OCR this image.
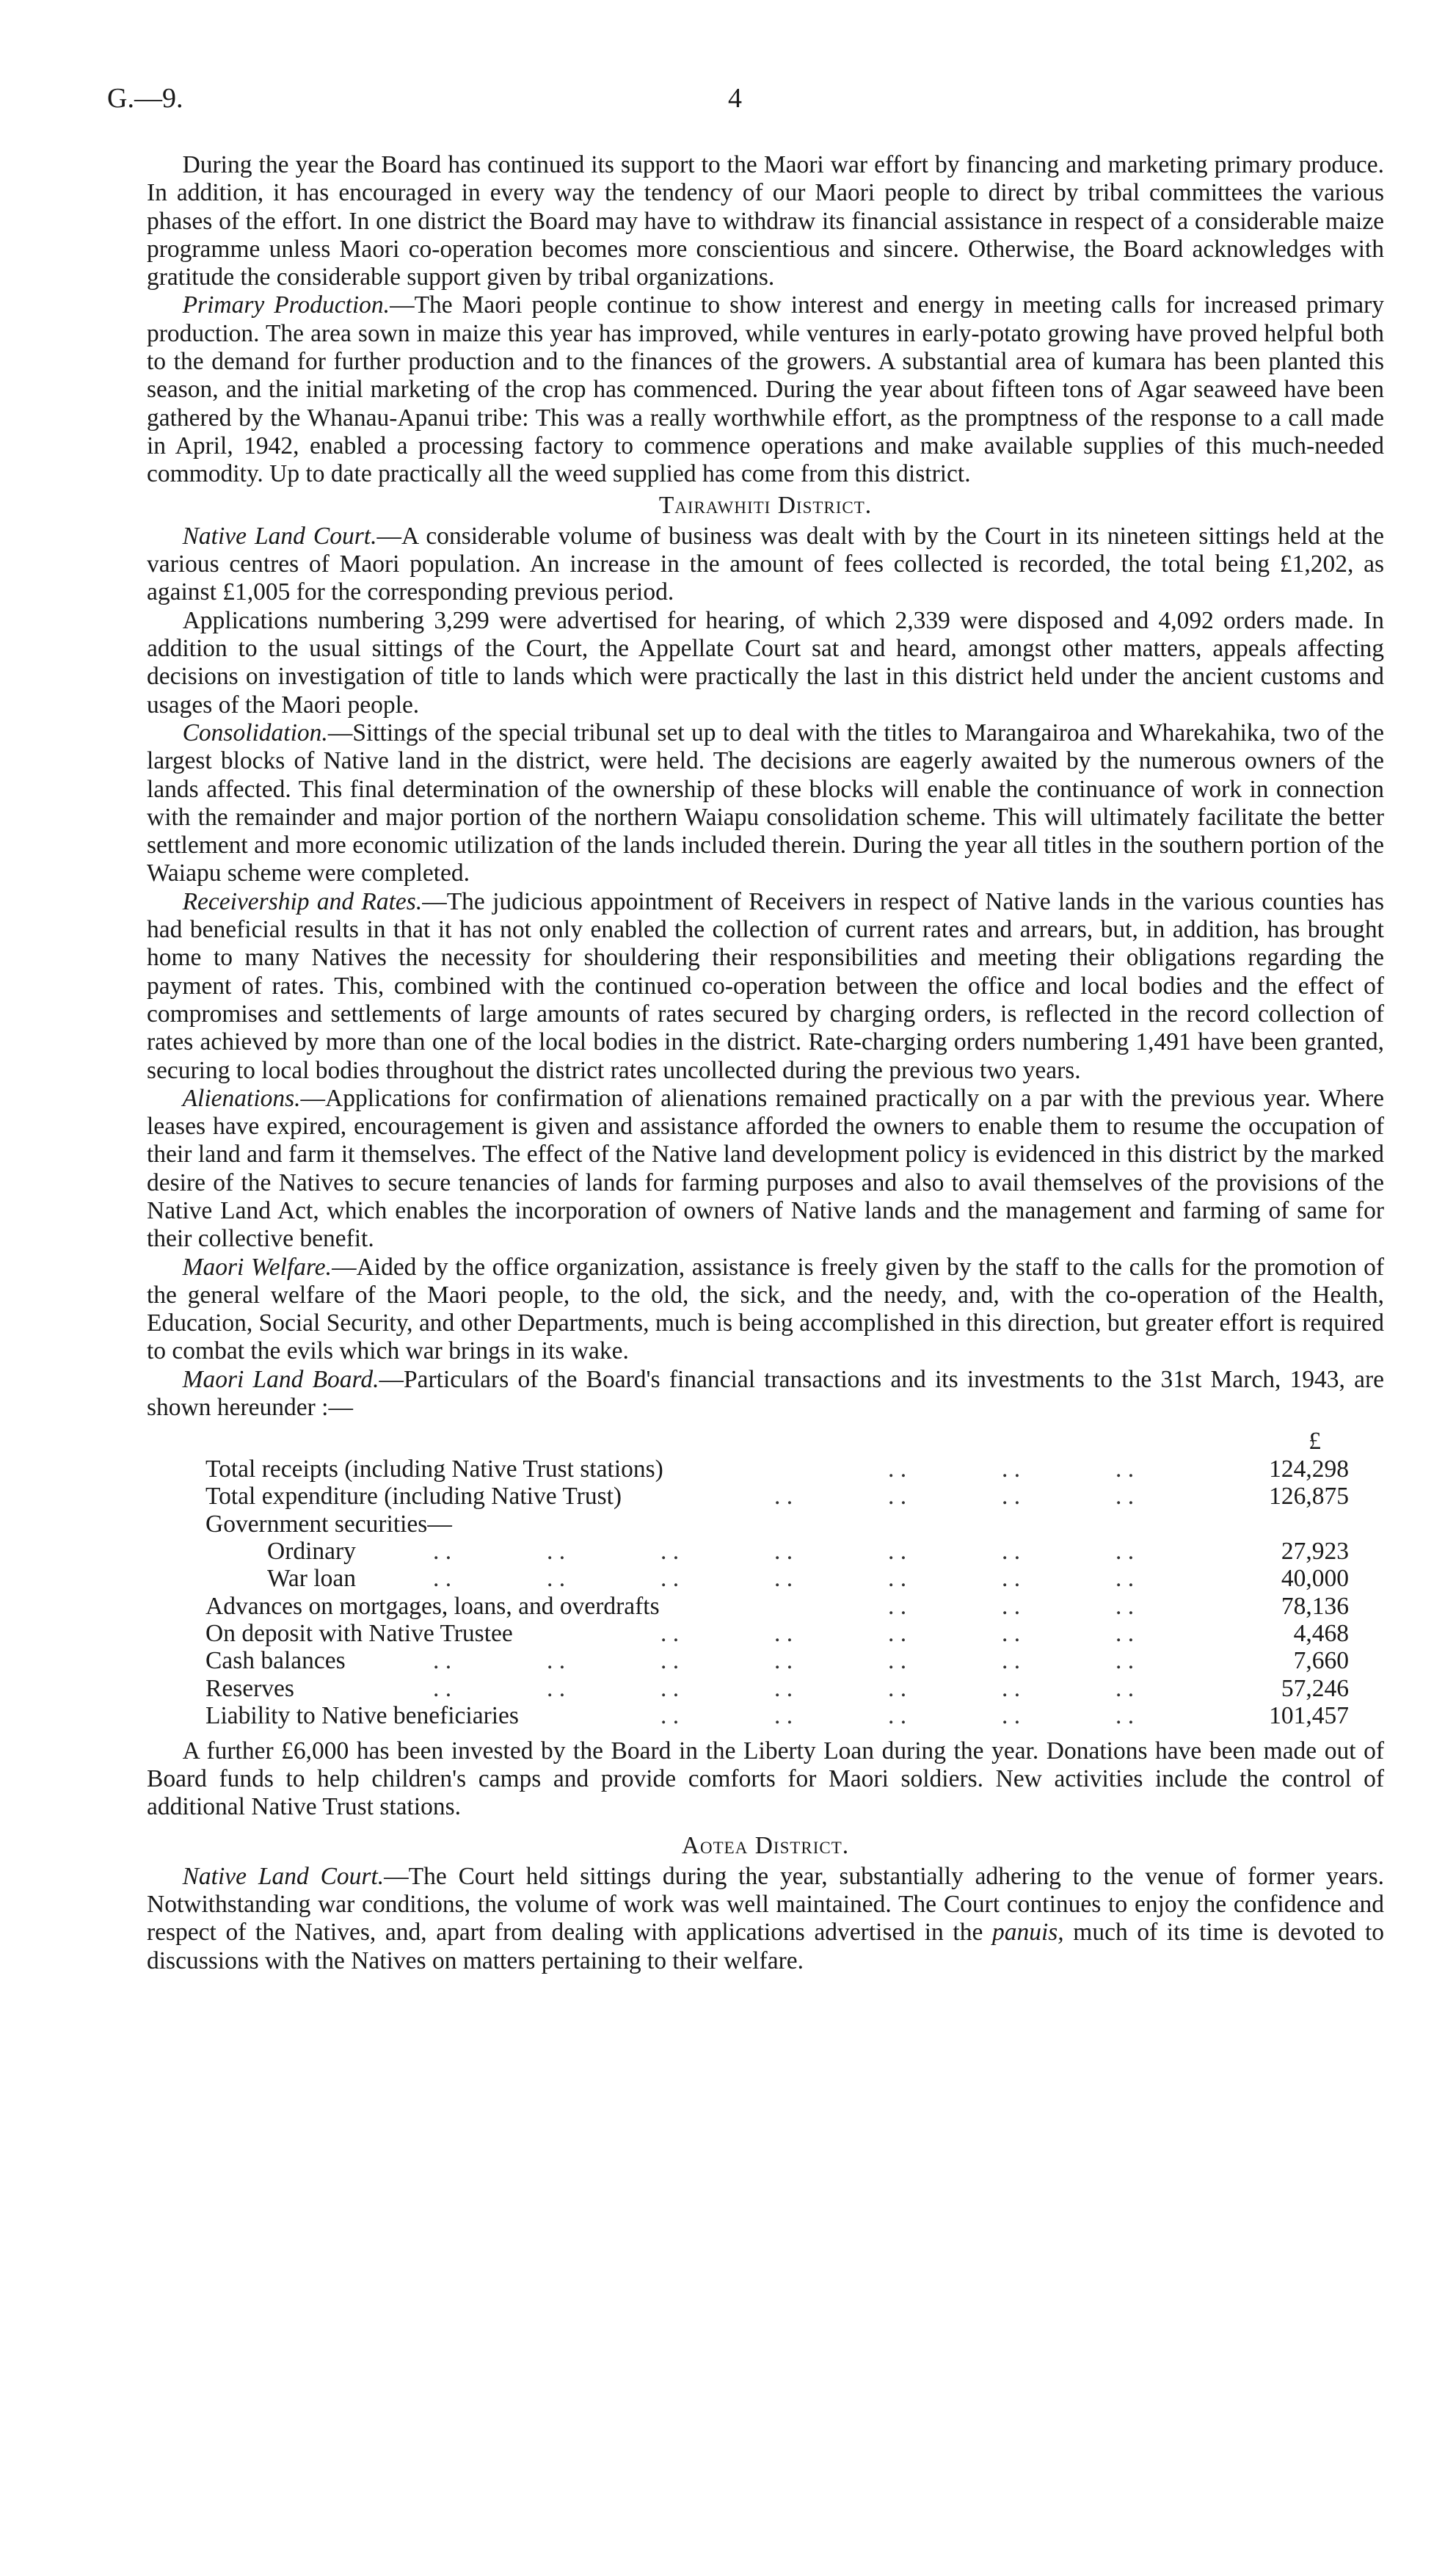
G.—9.	4

During the year the Board has continued its support to the Maori war effort by financing and marketing primary produce. In addition, it has encouraged in every way the tendency of our Maori people to direct by tribal committees the various phases of the effort. In one district the Board may have to withdraw its financial assistance in respect of a considerable maize programme unless Maori co-operation becomes more conscientious and sincere. Otherwise, the Board acknowledges with gratitude the considerable support given by tribal organizations.

Primary Production.—The Maori people continue to show interest and energy in meeting calls for increased primary production. The area sown in maize this year has improved, while ventures in early-potato growing have proved helpful both to the demand for further production and to the finances of the growers. A substantial area of kumara has been planted this season, and the initial marketing of the crop has commenced. During the year about fifteen tons of Agar seaweed have been gathered by the Whanau-Apanui tribe: This was a really worthwhile effort, as the promptness of the response to a call made in April, 1942, enabled a processing factory to commence operations and make available supplies of this much-needed commodity. Up to date practically all the weed supplied has come from this district.

Tairawhiti District.

Native Land Court.—A considerable volume of business was dealt with by the Court in its nineteen sittings held at the various centres of Maori population. An increase in the amount of fees collected is recorded, the total being £1,202, as against £1,005 for the corresponding previous period.

Applications numbering 3,299 were advertised for hearing, of which 2,339 were disposed and 4,092 orders made. In addition to the usual sittings of the Court, the Appellate Court sat and heard, amongst other matters, appeals affecting decisions on investigation of title to lands which were practically the last in this district held under the ancient customs and usages of the Maori people.

Consolidation.—Sittings of the special tribunal set up to deal with the titles to Marangairoa and Wharekahika, two of the largest blocks of Native land in the district, were held. The decisions are eagerly awaited by the numerous owners of the lands affected. This final determination of the ownership of these blocks will enable the continuance of work in connection with the remainder and major portion of the northern Waiapu consolidation scheme. This will ultimately facilitate the better settlement and more economic utilization of the lands included therein. During the year all titles in the southern portion of the Waiapu scheme were completed.

Receivership and Rates.—The judicious appointment of Receivers in respect of Native lands in the various counties has had beneficial results in that it has not only enabled the collection of current rates and arrears, but, in addition, has brought home to many Natives the necessity for shouldering their responsibilities and meeting their obligations regarding the payment of rates. This, combined with the continued co-operation between the office and local bodies and the effect of compromises and settlements of large amounts of rates secured by charging orders, is reflected in the record collection of rates achieved by more than one of the local bodies in the district. Rate-charging orders numbering 1,491 have been granted, securing to local bodies throughout the district rates uncollected during the previous two years.

Alienations.—Applications for confirmation of alienations remained practically on a par with the previous year. Where leases have expired, encouragement is given and assistance afforded the owners to enable them to resume the occupation of their land and farm it themselves. The effect of the Native land development policy is evidenced in this district by the marked desire of the Natives to secure tenancies of lands for farming purposes and also to avail themselves of the provisions of the Native Land Act, which enables the incorporation of owners of Native lands and the management and farming of same for their collective benefit.

Maori Welfare.—Aided by the office organization, assistance is freely given by the staff to the calls for the promotion of the general welfare of the Maori people, to the old, the sick, and the needy, and, with the co-operation of the Health, Education, Social Security, and other Departments, much is being accomplished in this direction, but greater effort is required to combat the evils which war brings in its wake.

Maori Land Board.—Particulars of the Board's financial transactions and its investments to the 31st March, 1943, are shown hereunder :—

£
Total receipts (including Native Trust stations)	. .	. .	. .	124,298
Total expenditure (including Native Trust)	. .	. .	. .	. .	126,875
Government securities—
Ordinary	. .	. .	. .	. .	. .	. .	. .	27,923
War loan	. .	. .	. .	. .	. .	. .	. .	40,000
Advances on mortgages, loans, and overdrafts	. .	. .	. .	78,136
On deposit with Native Trustee	. .	. .	. .	. .	. .	4,468
Cash balances	. .	. .	. .	. .	. .	. .	. .	7,660
Reserves	. .	. .	. .	. .	. .	. .	. .	57,246
Liability to Native beneficiaries	. .	. .	. .	. .	. .	101,457

A further £6,000 has been invested by the Board in the Liberty Loan during the year. Donations have been made out of Board funds to help children's camps and provide comforts for Maori soldiers. New activities include the control of additional Native Trust stations.

Aotea District.

Native Land Court.—The Court held sittings during the year, substantially adhering to the venue of former years. Notwithstanding war conditions, the volume of work was well maintained. The Court continues to enjoy the confidence and respect of the Natives, and, apart from dealing with applications advertised in the panuis, much of its time is devoted to discussions with the Natives on matters pertaining to their welfare.
